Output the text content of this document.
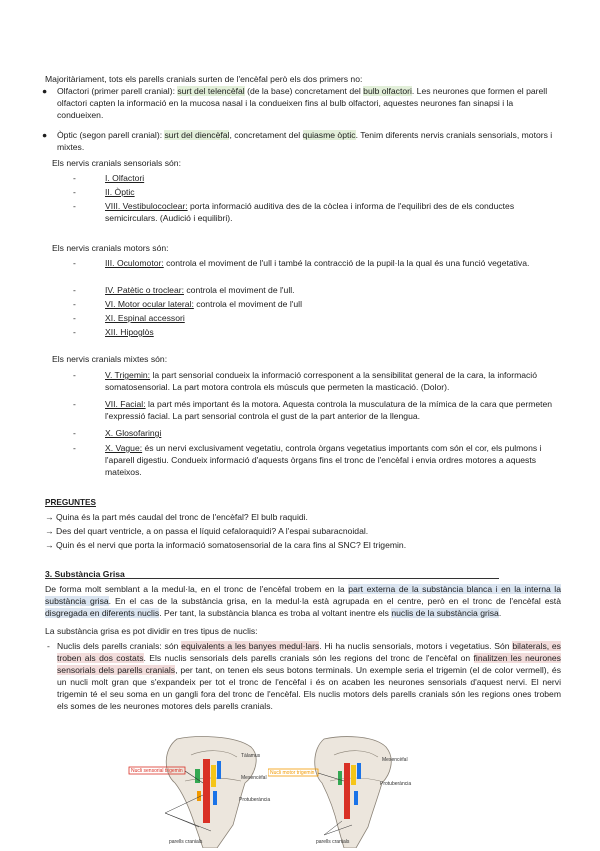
Majoritàriament, tots els parells cranials surten de l'encèfal però els dos primers no:

● Olfactori (primer parell cranial): surt del telencèfal (de la base) concretament del bulb olfactori. Les neurones que formen el parell olfactori capten la informació en la mucosa nasal i la condueixen fins al bulb olfactori, aquestes neurones fan sinapsi i la condueixen.

● Òptic (segon parell cranial): surt del diencèfal, concretament del quiasme òptic. Tenim diferents nervis cranials sensorials, motors i mixtes.

Els nervis cranials sensorials són:

-	I. Olfactori
-	II. Òptic
-	VIII. Vestibulococlear: porta informació auditiva des de la còclea i informa de l'equilibri des de els conductes semicirculars. (Audició i equilibri).

Els nervis cranials motors són:

-	III. Oculomotor: controla el moviment de l'ull i també la contracció de la pupil·la la qual és una funció vegetativa.
-	IV. Patètic o troclear: controla el moviment de l'ull.
-	VI. Motor ocular lateral: controla el moviment de l'ull
-	XI. Espinal accessori
-	XII. Hipoglòs

Els nervis cranials mixtes són:

-	V. Trigemin: la part sensorial condueix la informació corresponent a la sensibilitat general de la cara, la informació somatosensorial. La part motora controla els músculs que permeten la masticació. (Dolor).
-	VII. Facial: la part més important és la motora. Aquesta controla la musculatura de la mímica de la cara que permeten l'expressió facial. La part sensorial controla el gust de la part anterior de la llengua.
-	X. Glosofaringi
-	X. Vague: és un nervi exclusivament vegetatiu, controla òrgans vegetatius importants com són el cor, els pulmons i l'aparell digestiu. Condueix informació d'aquests òrgans fins el tronc de l'encèfal i envia ordres motores a aquests mateixos.

PREGUNTES

→ Quina és la part més caudal del tronc de l'encèfal? El bulb raquidi.

→ Des del quart ventricle, a on passa el líquid cefaloraquidi? A l'espai subaracnoidal.

→ Quin és el nervi que porta la informació somatosensorial de la cara fins al SNC? El trigemin.

3. Substància Grisa

De forma molt semblant a la medul·la, en el tronc de l'encèfal trobem en la part externa de la substància blanca i en la interna la substància grisa. En el cas de la substància grisa, en la medul·la està agrupada en el centre, però en el tronc de l'encèfal està disgregada en diferents nuclis. Per tant, la substància blanca es troba al voltant inentre els nuclis de la substància grisa.

La substància grisa es pot dividir en tres tipus de nuclis:

- Nuclis dels parells cranials: són equivalents a les banyes medul·lars. Hi ha nuclis sensorials, motors i vegetatius. Són bilaterals, es troben als dos costats. Els nuclis sensorials dels parells cranials són les regions del tronc de l'encèfal on finalitzen les neurones sensorials dels parells cranials, per tant, on tenen els seus botons terminals. Un exemple seria el trigemin (el de color vermell), és un nucli molt gran que s'expandeix per tot el tronc de l'encèfal i és on acaben les neurones sensorials d'aquest nervi. El nervi trigemin té el seu soma en un gangli fora del tronc de l'encèfal. Els nuclis motors dels parells cranials són les regions ones trobem els somes de les neurones motores dels parells cranials.
Nucli sensorial trigemin
Tàlamus
Mesencèfal
Protuberància
parells cranials
Nucli motor trigemin
Mesencèfal
Protuberància
parells cranials
